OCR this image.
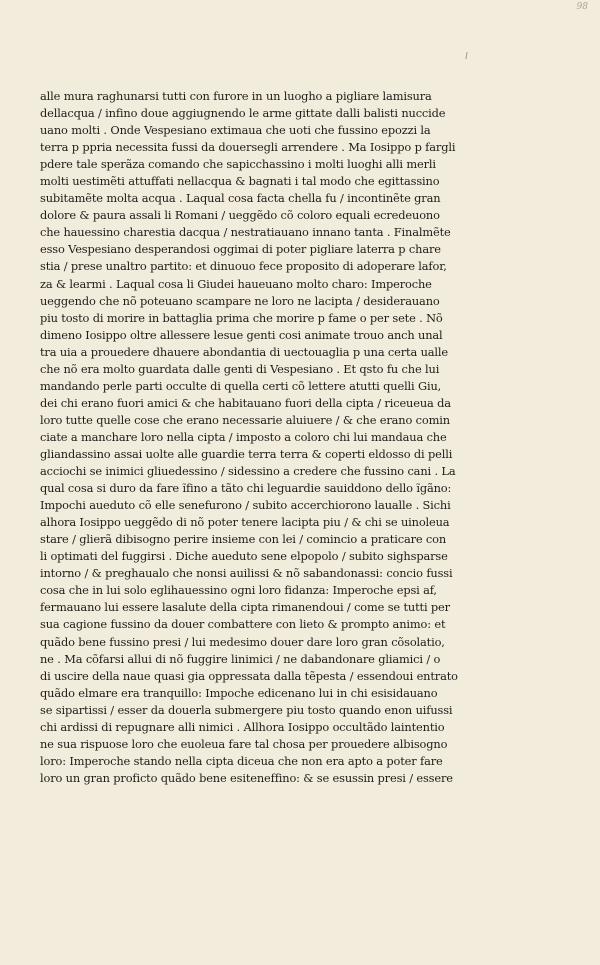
98
alle mura raghunarsi tutti con furore in un luogho a pigliare lamisura
dellacqua / infino doue aggiugnendo le arme gittate dalli balisti nuccide
uano molti . Onde Vespesiano extimaua che uoti che fussino epozzi la
terra p ppria necessita fussi da douersegli arrendere . Ma Iosippo p fargli
pdere tale sperãza comando che sapicchassino i molti luoghi alli merli
molti uestimẽti attuffati nellacqua & bagnati i tal modo che egittassino
subitamẽte molta acqua . Laqual cosa facta chella fu / incontinẽte gran
dolore & paura assali li Romani / ueggẽdo cõ coloro equali ecredeuono
che hauessino charestia dacqua / nestratiauano innano tanta . Finalmẽte
esso Vespesiano desperandosi oggimai di poter pigliare laterra p chare
stia / prese unaltro partito: et dinuouo fece proposito di adoperare lafor,
za & learmi . Laqual cosa li Giudei haueuano molto charo: Imperoche
ueggendo che nõ poteuano scampare ne loro ne lacipta / desiderauano
piu tosto di morire in battaglia prima che morire p fame o per sete . Nõ
dimeno Iosippo oltre allessere lesue genti cosi animate trouo anch unal
tra uia a prouedere dhauere abondantia di uectouaglia p una certa ualle
che nõ era molto guardata dalle genti di Vespesiano . Et qsto fu che lui
mandando perle parti occulte di quella certi cõ lettere atutti quelli Giu,
dei chi erano fuori amici & che habitauano fuori della cipta / riceueua da
loro tutte quelle cose che erano necessarie aluiuere / & che erano comin
ciate a manchare loro nella cipta / imposto a coloro chi lui mandaua che
gliandassino assai uolte alle guardie terra terra & coperti eldosso di pelli
acciochi se inimici gliuedessino / sidessino a credere che fussino cani . La
qual cosa si duro da fare ĩfino a tãto chi leguardie sauiddono dello ĩgãno:
Impochi aueduto cõ elle senefurono / subito accerchiorono laualle . Sichi
alhora Iosippo ueggẽdo di nõ poter tenere lacipta piu / & chi se uinoleua
stare / glierã dibisogno perire insieme con lei / comincio a praticare con
li optimati del fuggirsi . Diche aueduto sene elpopolo / subito sighsparse
intorno / & preghaualo che nonsi auilissi & nõ sabandonassi: concio fussi
cosa che in lui solo eglihauessino ogni loro fidanza: Imperoche epsi af,
fermauano lui essere lasalute della cipta rimanendoui / come se tutti per
sua cagione fussino da douer combattere con lieto & prompto animo: et
quãdo bene fussino presi / lui medesimo douer dare loro gran cõsolatio,
ne . Ma cõfarsi allui di nõ fuggire linimici / ne dabandonare gliamici / o
di uscire della naue quasi gia oppressata dalla tẽpesta / essendoui entrato
quãdo elmare era tranquillo: Impoche edicenano lui in chi esisidauano
se sipartissi / esser da douerla submergere piu tosto quando enon uifussi
chi ardissi di repugnare alli nimici . Allhora Iosippo occultãdo laintentio
ne sua rispuose loro che euoleua fare tal chosa per prouedere albisogno
loro: Imperoche stando nella cipta diceua che non era apto a poter fare
loro un gran proficto quãdo bene esiteneffino: & se esussin presi / essere
